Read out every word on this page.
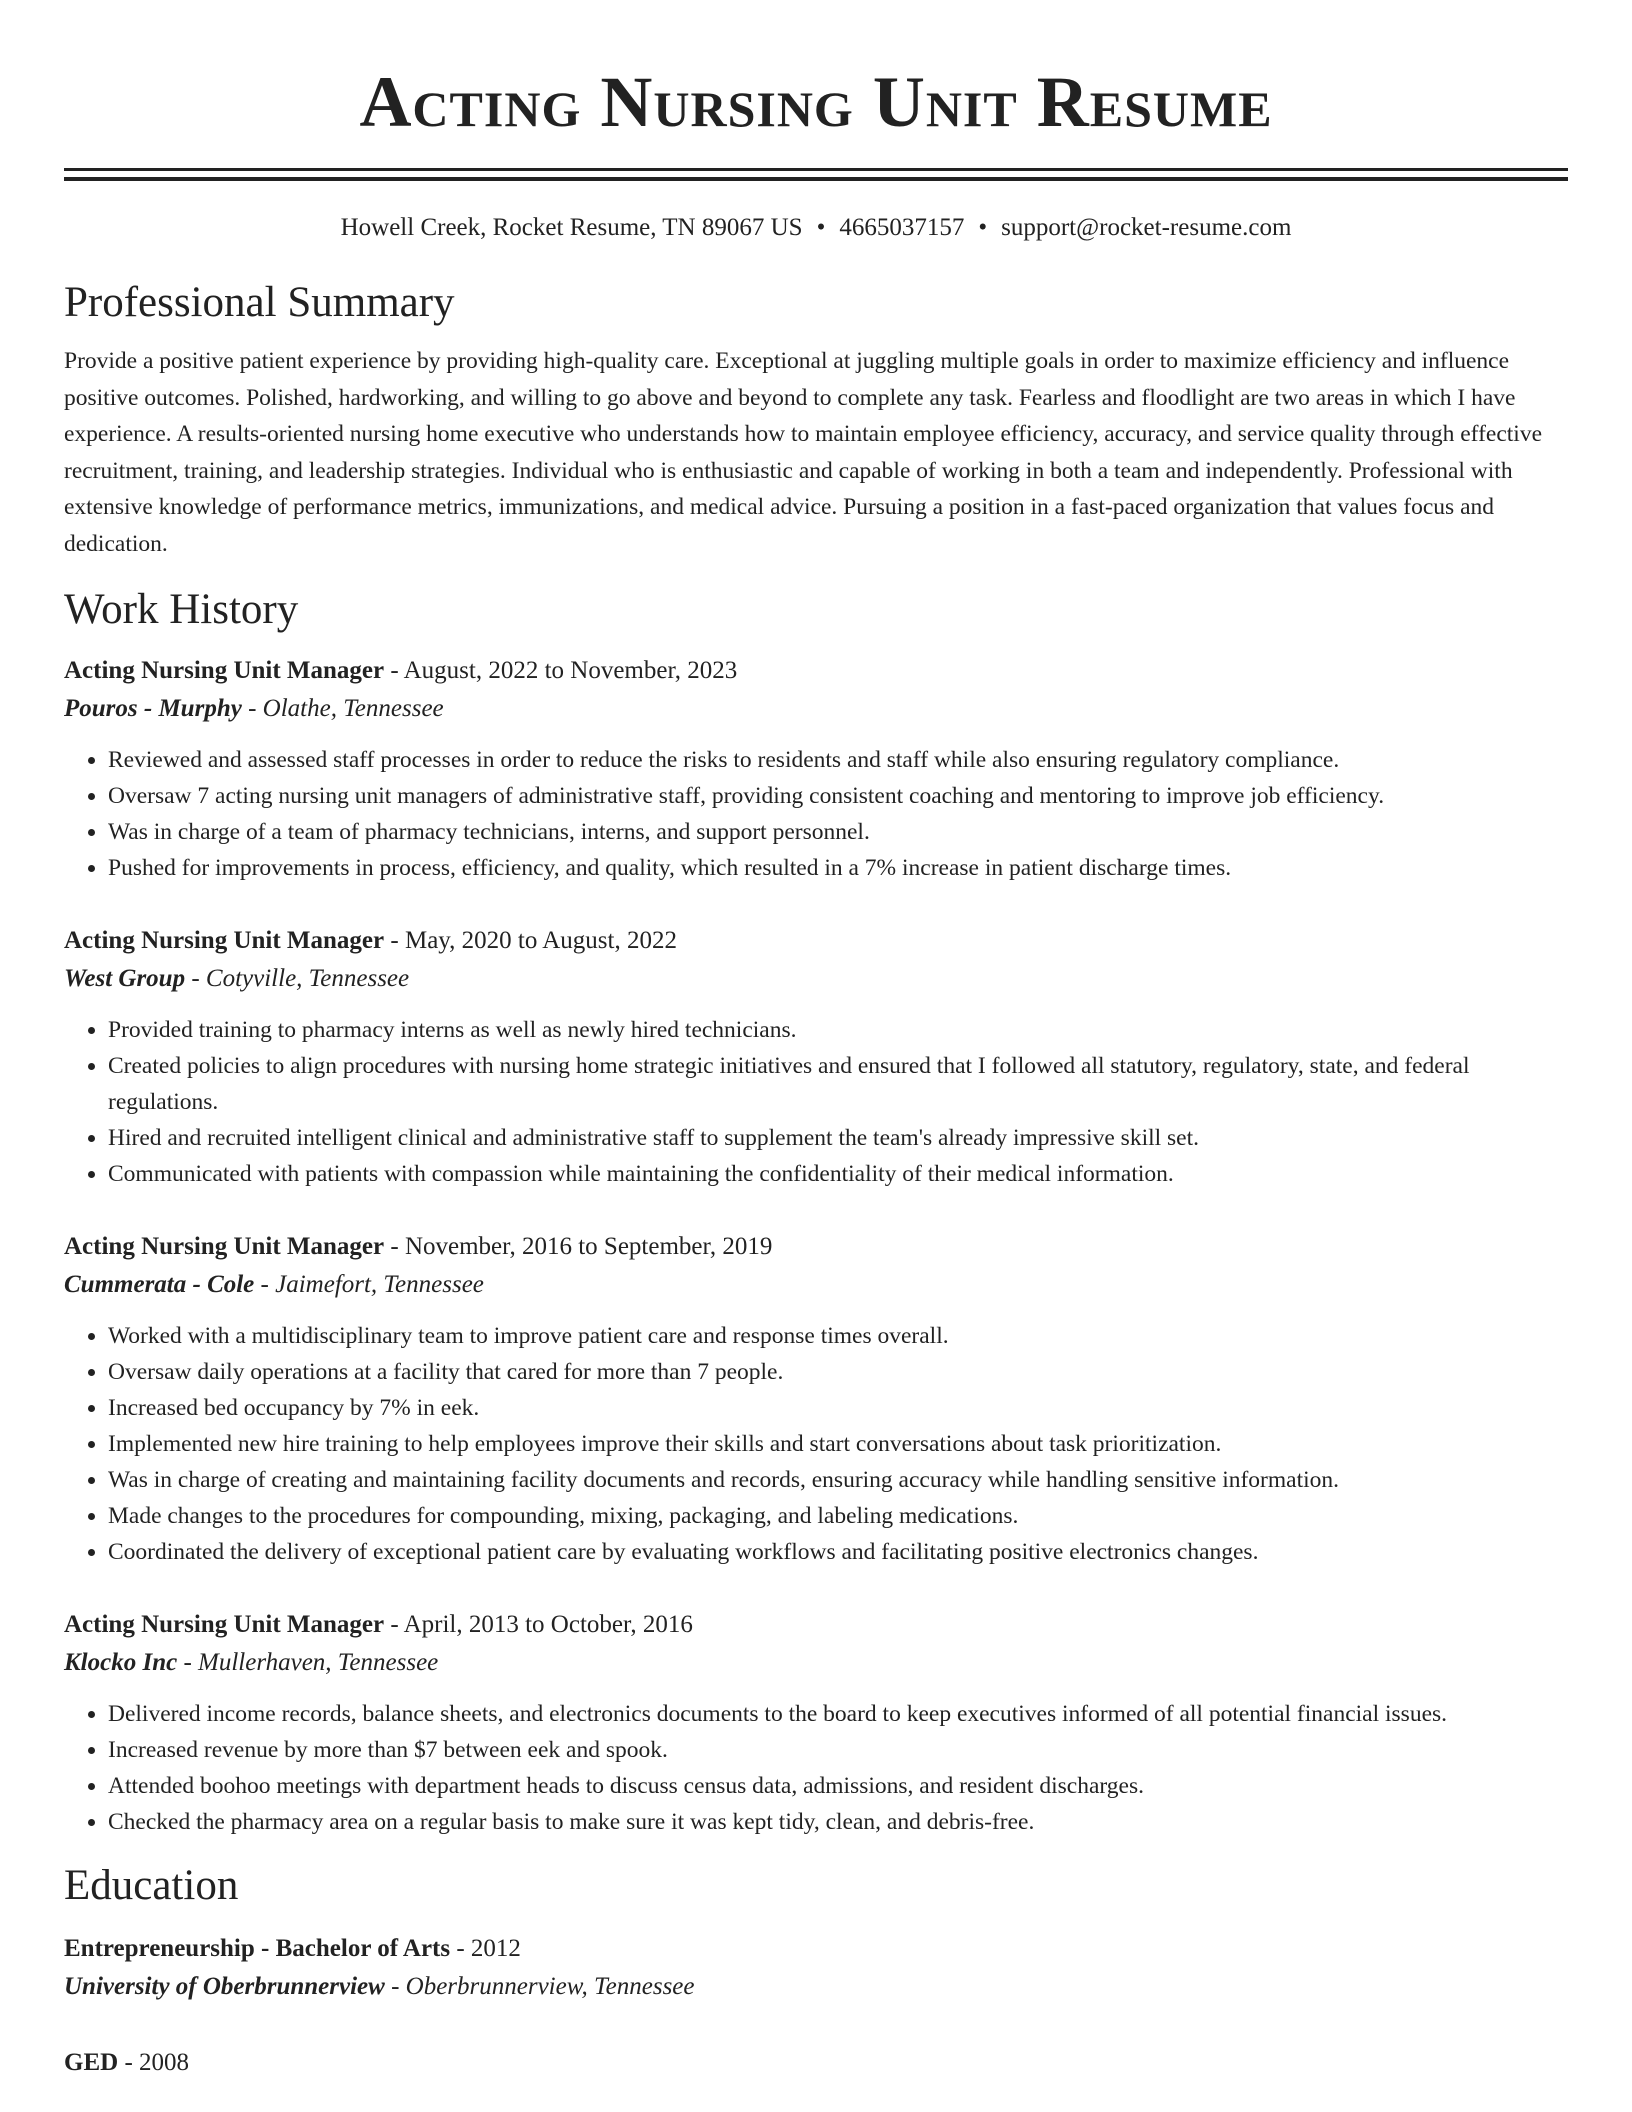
Acting Nursing Unit Resume
Howell Creek, Rocket Resume, TN 89067 US • 4665037157 • support@rocket-resume.com
Professional Summary
Provide a positive patient experience by providing high-quality care. Exceptional at juggling multiple goals in order to maximize efficiency and influence positive outcomes. Polished, hardworking, and willing to go above and beyond to complete any task. Fearless and floodlight are two areas in which I have experience. A results-oriented nursing home executive who understands how to maintain employee efficiency, accuracy, and service quality through effective recruitment, training, and leadership strategies. Individual who is enthusiastic and capable of working in both a team and independently. Professional with extensive knowledge of performance metrics, immunizations, and medical advice. Pursuing a position in a fast-paced organization that values focus and dedication.
Work History
Acting Nursing Unit Manager - August, 2022 to November, 2023
Pouros - Murphy - Olathe, Tennessee
• Reviewed and assessed staff processes in order to reduce the risks to residents and staff while also ensuring regulatory compliance.
• Oversaw 7 acting nursing unit managers of administrative staff, providing consistent coaching and mentoring to improve job efficiency.
• Was in charge of a team of pharmacy technicians, interns, and support personnel.
• Pushed for improvements in process, efficiency, and quality, which resulted in a 7% increase in patient discharge times.
Acting Nursing Unit Manager - May, 2020 to August, 2022
West Group - Cotyville, Tennessee
• Provided training to pharmacy interns as well as newly hired technicians.
• Created policies to align procedures with nursing home strategic initiatives and ensured that I followed all statutory, regulatory, state, and federal regulations.
• Hired and recruited intelligent clinical and administrative staff to supplement the team's already impressive skill set.
• Communicated with patients with compassion while maintaining the confidentiality of their medical information.
Acting Nursing Unit Manager - November, 2016 to September, 2019
Cummerata - Cole - Jaimefort, Tennessee
• Worked with a multidisciplinary team to improve patient care and response times overall.
• Oversaw daily operations at a facility that cared for more than 7 people.
• Increased bed occupancy by 7% in eek.
• Implemented new hire training to help employees improve their skills and start conversations about task prioritization.
• Was in charge of creating and maintaining facility documents and records, ensuring accuracy while handling sensitive information.
• Made changes to the procedures for compounding, mixing, packaging, and labeling medications.
• Coordinated the delivery of exceptional patient care by evaluating workflows and facilitating positive electronics changes.
Acting Nursing Unit Manager - April, 2013 to October, 2016
Klocko Inc - Mullerhaven, Tennessee
• Delivered income records, balance sheets, and electronics documents to the board to keep executives informed of all potential financial issues.
• Increased revenue by more than $7 between eek and spook.
• Attended boohoo meetings with department heads to discuss census data, admissions, and resident discharges.
• Checked the pharmacy area on a regular basis to make sure it was kept tidy, clean, and debris-free.
Education
Entrepreneurship - Bachelor of Arts - 2012
University of Oberbrunnerview - Oberbrunnerview, Tennessee
GED - 2008
